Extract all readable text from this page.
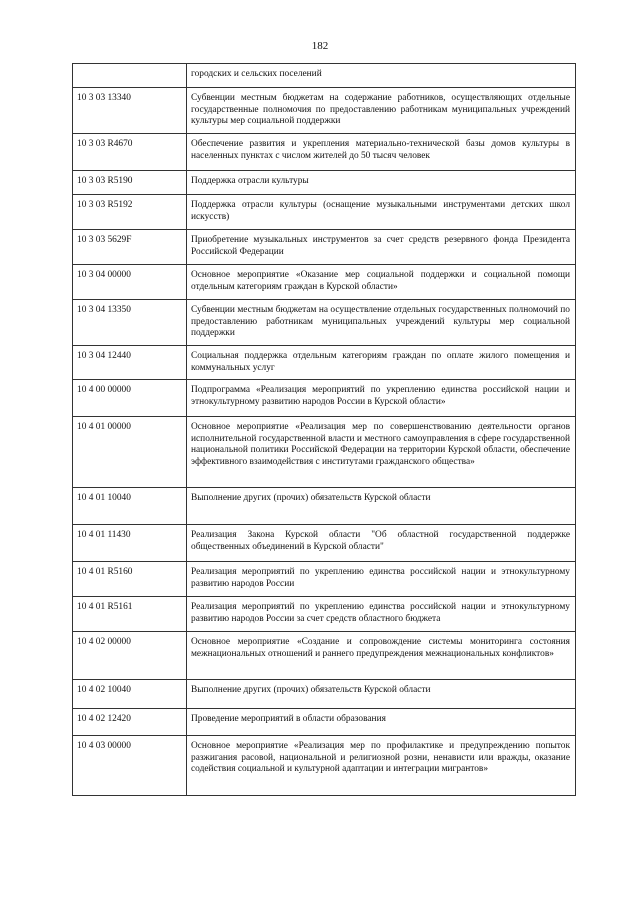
182
	городских и сельских поселений
10 3 03 13340	Субвенции местным бюджетам на содержание работников, осуществляющих отдельные государственные полномочия по предоставлению работникам муниципальных учреждений культуры мер социальной поддержки
10 3 03 R4670	Обеспечение развития и укрепления материально-технической базы домов культуры в населенных пунктах с числом жителей до 50 тысяч человек
10 3 03 R5190	Поддержка отрасли культуры
10 3 03 R5192	Поддержка отрасли культуры (оснащение музыкальными инструментами детских школ искусств)
10 3 03 5629F	Приобретение музыкальных инструментов за счет средств резервного фонда Президента Российской Федерации
10 3 04 00000	Основное мероприятие «Оказание мер социальной поддержки и социальной помощи отдельным категориям граждан в Курской области»
10 3 04 13350	Субвенции местным бюджетам на осуществление отдельных государственных полномочий по предоставлению работникам муниципальных учреждений культуры мер социальной поддержки
10 3 04 12440	Социальная поддержка отдельным категориям граждан по оплате жилого помещения и коммунальных услуг
10 4 00 00000	Подпрограмма «Реализация мероприятий по укреплению единства российской нации и этнокультурному развитию народов России в Курской области»
10 4 01 00000	Основное мероприятие «Реализация мер по совершенствованию деятельности органов исполнительной государственной власти и местного самоуправления в сфере государственной национальной политики Российской Федерации на территории Курской области, обеспечение эффективного взаимодействия с институтами гражданского общества»
10 4 01 10040	Выполнение других (прочих) обязательств Курской области
10 4 01 11430	Реализация Закона Курской области "Об областной государственной поддержке общественных объединений в Курской области"
10 4 01 R5160	Реализация мероприятий по укреплению единства российской нации и этнокультурному развитию народов России
10 4 01 R5161	Реализация мероприятий по укреплению единства российской нации и этнокультурному развитию народов России за счет средств областного бюджета
10 4 02 00000	Основное мероприятие «Создание и сопровождение системы мониторинга состояния межнациональных отношений и раннего предупреждения межнациональных конфликтов»
10 4 02 10040	Выполнение других (прочих) обязательств Курской области
10 4 02 12420	Проведение мероприятий в области образования
10 4 03 00000	Основное мероприятие «Реализация мер по профилактике и предупреждению попыток разжигания расовой, национальной и религиозной розни, ненависти или вражды, оказание содействия социальной и культурной адаптации и интеграции мигрантов»
